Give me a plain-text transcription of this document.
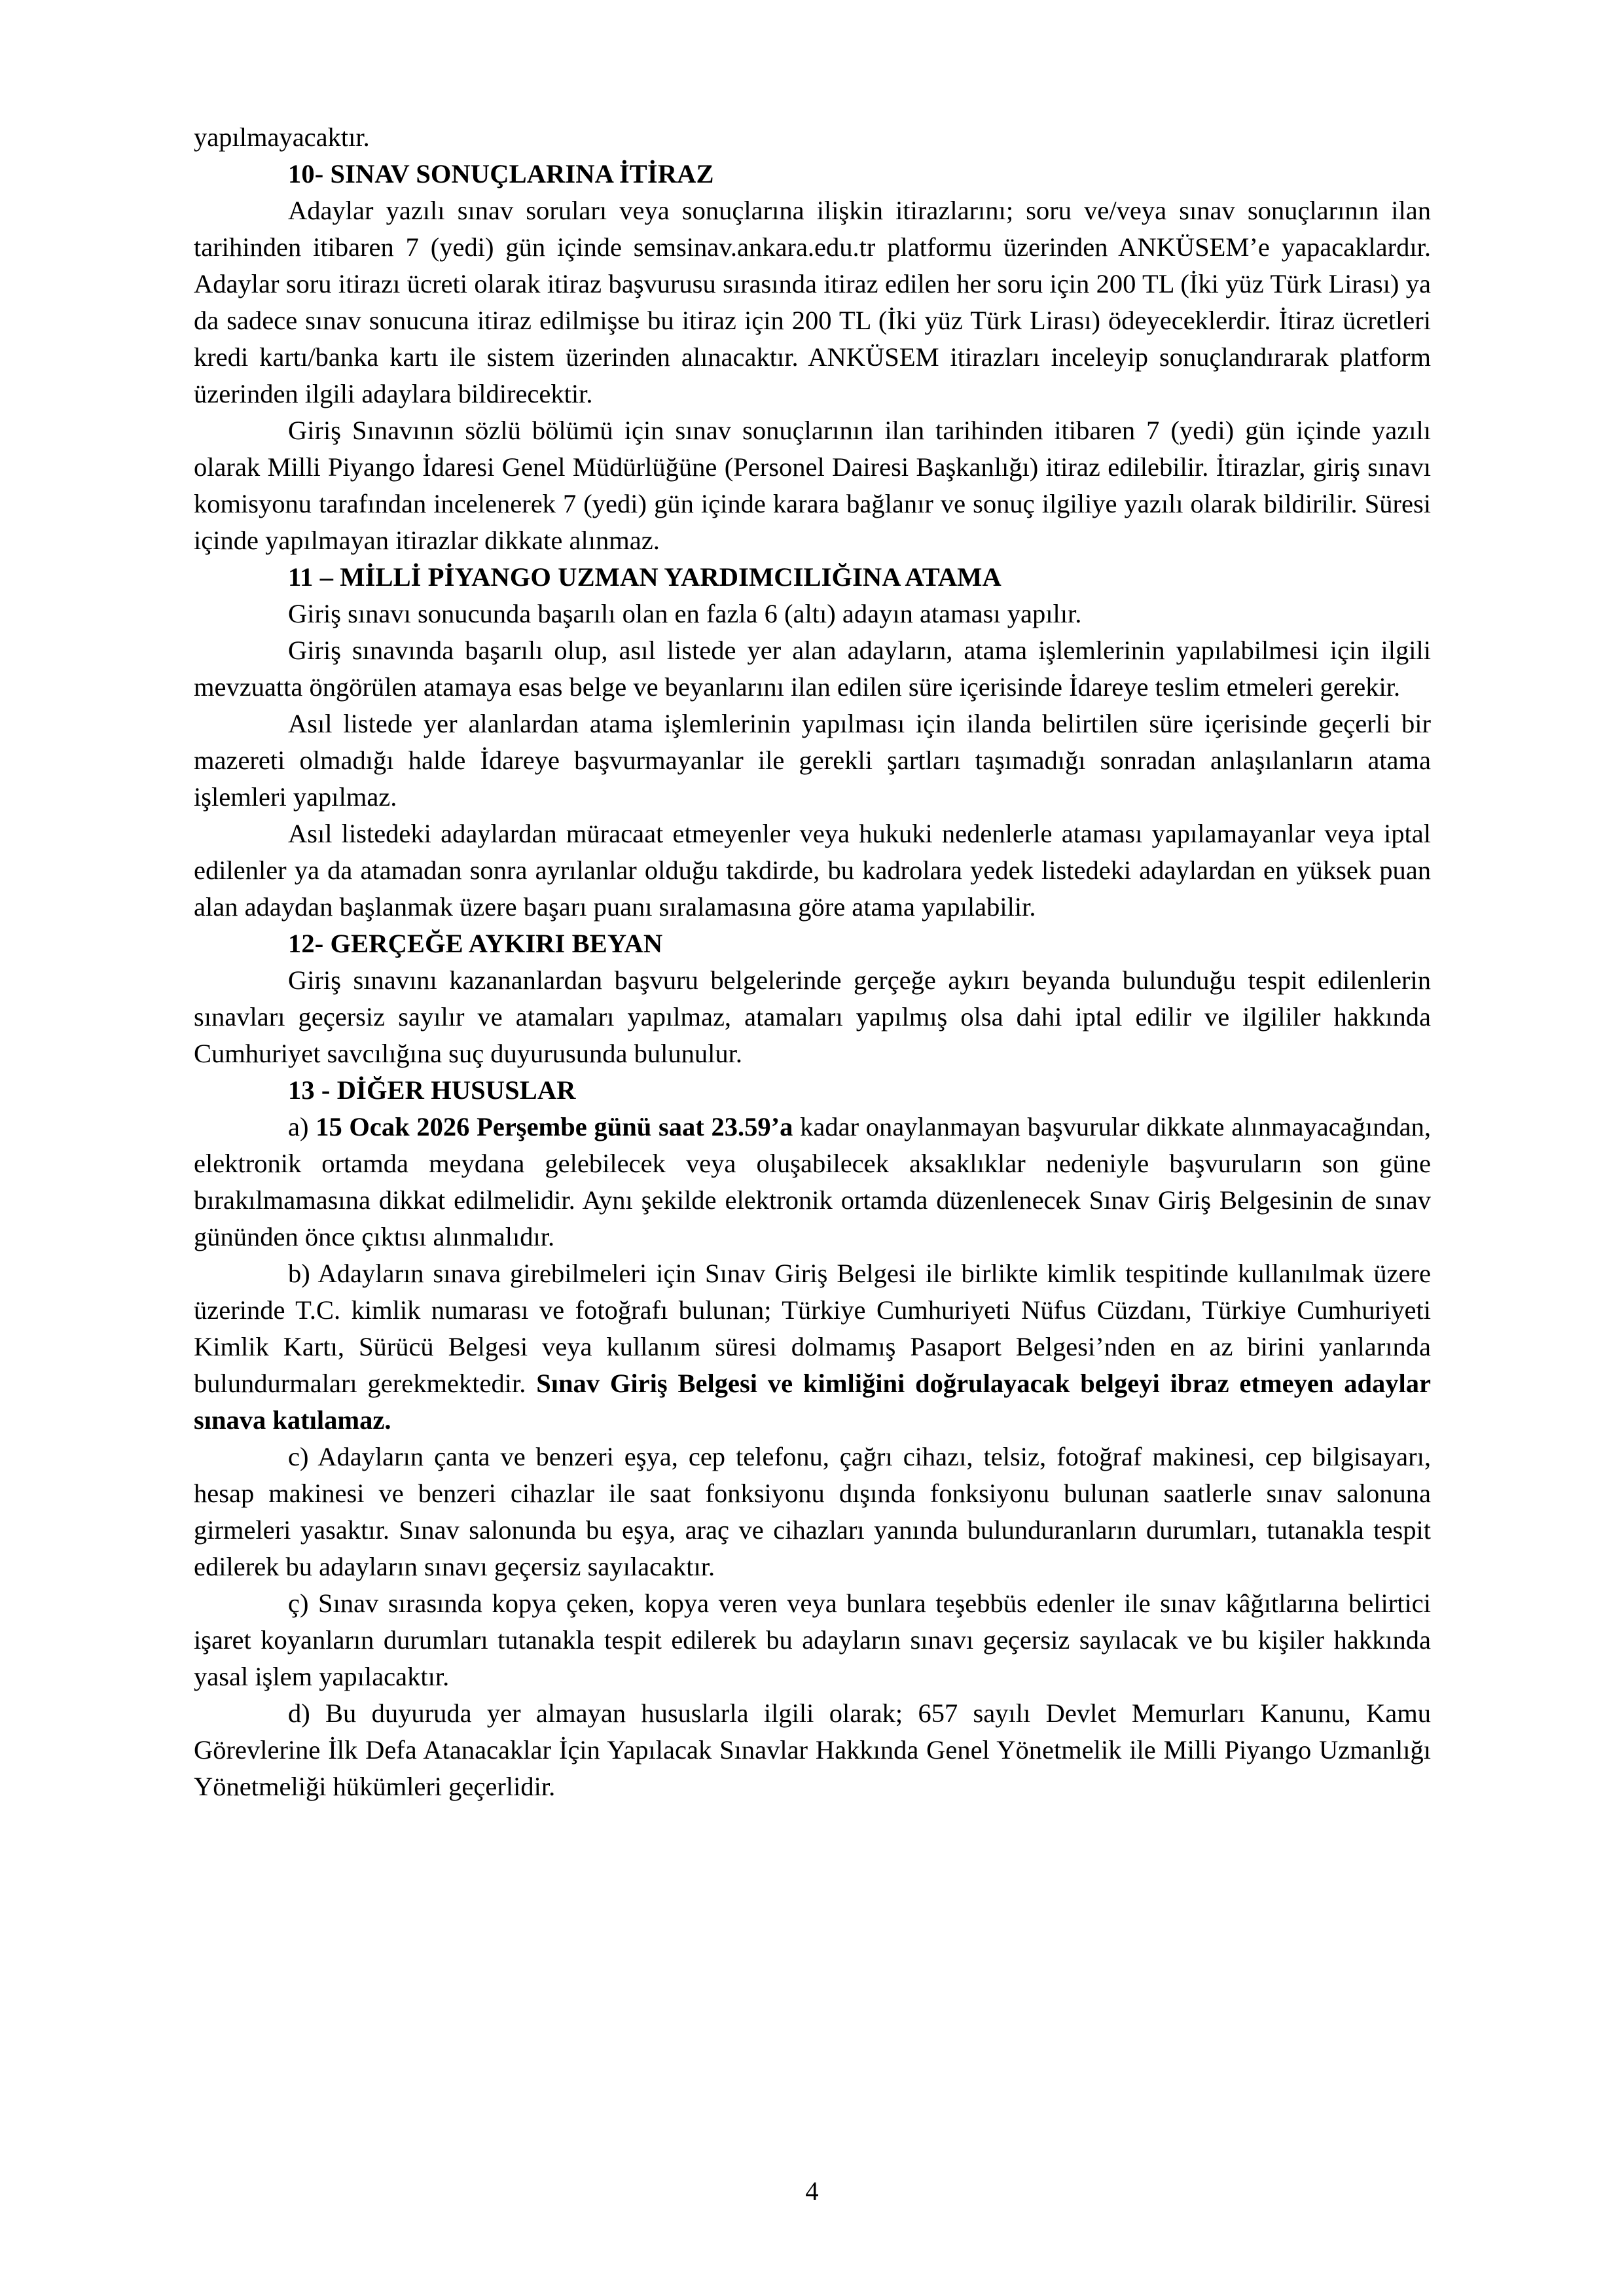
yapılmayacaktır.

10- SINAV SONUÇLARINA İTİRAZ

Adaylar yazılı sınav soruları veya sonuçlarına ilişkin itirazlarını; soru ve/veya sınav sonuçlarının ilan tarihinden itibaren 7 (yedi) gün içinde semsinav.ankara.edu.tr platformu üzerinden ANKÜSEM’e yapacaklardır. Adaylar soru itirazı ücreti olarak itiraz başvurusu sırasında itiraz edilen her soru için 200 TL (İki yüz Türk Lirası) ya da sadece sınav sonucuna itiraz edilmişse bu itiraz için 200 TL (İki yüz Türk Lirası) ödeyeceklerdir. İtiraz ücretleri kredi kartı/banka kartı ile sistem üzerinden alınacaktır. ANKÜSEM itirazları inceleyip sonuçlandırarak platform üzerinden ilgili adaylara bildirecektir.

Giriş Sınavının sözlü bölümü için sınav sonuçlarının ilan tarihinden itibaren 7 (yedi) gün içinde yazılı olarak Milli Piyango İdaresi Genel Müdürlüğüne (Personel Dairesi Başkanlığı) itiraz edilebilir. İtirazlar, giriş sınavı komisyonu tarafından incelenerek 7 (yedi) gün içinde karara bağlanır ve sonuç ilgiliye yazılı olarak bildirilir. Süresi içinde yapılmayan itirazlar dikkate alınmaz.

11 – MİLLİ PİYANGO UZMAN YARDIMCILIĞINA ATAMA

Giriş sınavı sonucunda başarılı olan en fazla 6 (altı) adayın ataması yapılır.

Giriş sınavında başarılı olup, asıl listede yer alan adayların, atama işlemlerinin yapılabilmesi için ilgili mevzuatta öngörülen atamaya esas belge ve beyanlarını ilan edilen süre içerisinde İdareye teslim etmeleri gerekir.

Asıl listede yer alanlardan atama işlemlerinin yapılması için ilanda belirtilen süre içerisinde geçerli bir mazereti olmadığı halde İdareye başvurmayanlar ile gerekli şartları taşımadığı sonradan anlaşılanların atama işlemleri yapılmaz.

Asıl listedeki adaylardan müracaat etmeyenler veya hukuki nedenlerle ataması yapılamayanlar veya iptal edilenler ya da atamadan sonra ayrılanlar olduğu takdirde, bu kadrolara yedek listedeki adaylardan en yüksek puan alan adaydan başlanmak üzere başarı puanı sıralamasına göre atama yapılabilir.

12- GERÇEĞE AYKIRI BEYAN

Giriş sınavını kazananlardan başvuru belgelerinde gerçeğe aykırı beyanda bulunduğu tespit edilenlerin sınavları geçersiz sayılır ve atamaları yapılmaz, atamaları yapılmış olsa dahi iptal edilir ve ilgililer hakkında Cumhuriyet savcılığına suç duyurusunda bulunulur.

13 - DİĞER HUSUSLAR

a) 15 Ocak 2026 Perşembe günü saat 23.59’a kadar onaylanmayan başvurular dikkate alınmayacağından, elektronik ortamda meydana gelebilecek veya oluşabilecek aksaklıklar nedeniyle başvuruların son güne bırakılmamasına dikkat edilmelidir. Aynı şekilde elektronik ortamda düzenlenecek Sınav Giriş Belgesinin de sınav gününden önce çıktısı alınmalıdır.

b) Adayların sınava girebilmeleri için Sınav Giriş Belgesi ile birlikte kimlik tespitinde kullanılmak üzere üzerinde T.C. kimlik numarası ve fotoğrafı bulunan; Türkiye Cumhuriyeti Nüfus Cüzdanı, Türkiye Cumhuriyeti Kimlik Kartı, Sürücü Belgesi veya kullanım süresi dolmamış Pasaport Belgesi’nden en az birini yanlarında bulundurmaları gerekmektedir. Sınav Giriş Belgesi ve kimliğini doğrulayacak belgeyi ibraz etmeyen adaylar sınava katılamaz.

c) Adayların çanta ve benzeri eşya, cep telefonu, çağrı cihazı, telsiz, fotoğraf makinesi, cep bilgisayarı, hesap makinesi ve benzeri cihazlar ile saat fonksiyonu dışında fonksiyonu bulunan saatlerle sınav salonuna girmeleri yasaktır. Sınav salonunda bu eşya, araç ve cihazları yanında bulunduranların durumları, tutanakla tespit edilerek bu adayların sınavı geçersiz sayılacaktır.

ç) Sınav sırasında kopya çeken, kopya veren veya bunlara teşebbüs edenler ile sınav kâğıtlarına belirtici işaret koyanların durumları tutanakla tespit edilerek bu adayların sınavı geçersiz sayılacak ve bu kişiler hakkında yasal işlem yapılacaktır.

d) Bu duyuruda yer almayan hususlarla ilgili olarak; 657 sayılı Devlet Memurları Kanunu, Kamu Görevlerine İlk Defa Atanacaklar İçin Yapılacak Sınavlar Hakkında Genel Yönetmelik ile Milli Piyango Uzmanlığı Yönetmeliği hükümleri geçerlidir.

4
